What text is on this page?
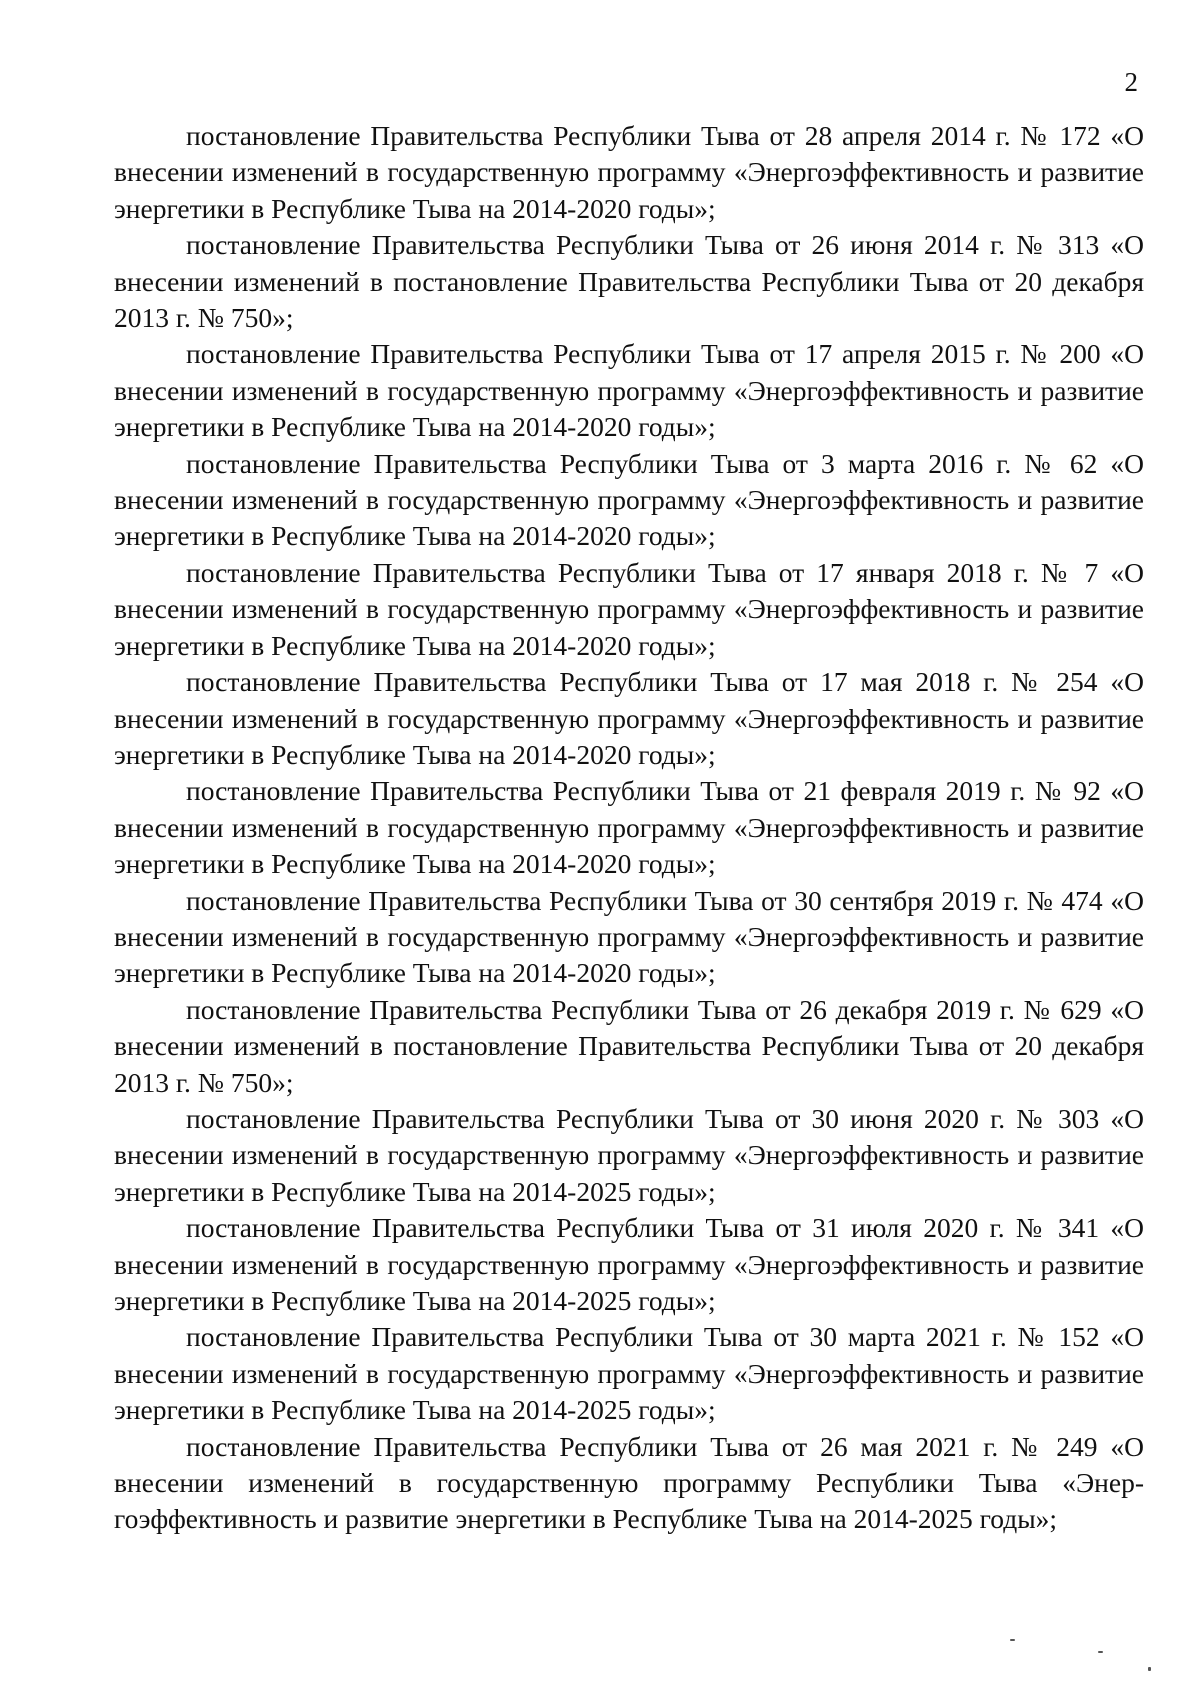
2

постановление Правительства Республики Тыва от 28 апреля 2014 г. № 172 «О внесении изменений в государственную программу «Энергоэффективность и развитие энергетики в Республике Тыва на 2014-2020 годы»;

постановление Правительства Республики Тыва от 26 июня 2014 г. № 313 «О внесении изменений в постановление Правительства Республики Тыва от 20 декабря 2013 г. № 750»;

постановление Правительства Республики Тыва от 17 апреля 2015 г. № 200 «О внесении изменений в государственную программу «Энергоэффективность и развитие энергетики в Республике Тыва на 2014-2020 годы»;

постановление Правительства Республики Тыва от 3 марта 2016 г. № 62 «О внесении изменений в государственную программу «Энергоэффективность и развитие энергетики в Республике Тыва на 2014-2020 годы»;

постановление Правительства Республики Тыва от 17 января 2018 г. № 7 «О внесении изменений в государственную программу «Энергоэффективность и развитие энергетики в Республике Тыва на 2014-2020 годы»;

постановление Правительства Республики Тыва от 17 мая 2018 г. № 254 «О внесении изменений в государственную программу «Энергоэффективность и развитие энергетики в Республике Тыва на 2014-2020 годы»;

постановление Правительства Республики Тыва от 21 февраля 2019 г. № 92 «О внесении изменений в государственную программу «Энергоэффективность и развитие энергетики в Республике Тыва на 2014-2020 годы»;

постановление Правительства Республики Тыва от 30 сентября 2019 г. № 474 «О внесении изменений в государственную программу «Энергоэффективность и развитие энергетики в Республике Тыва на 2014-2020 годы»;

постановление Правительства Республики Тыва от 26 декабря 2019 г. № 629 «О внесении изменений в постановление Правительства Республики Тыва от 20 декабря 2013 г. № 750»;

постановление Правительства Республики Тыва от 30 июня 2020 г. № 303 «О внесении изменений в государственную программу «Энергоэффективность и развитие энергетики в Республике Тыва на 2014-2025 годы»;

постановление Правительства Республики Тыва от 31 июля 2020 г. № 341 «О внесении изменений в государственную программу «Энергоэффективность и развитие энергетики в Республике Тыва на 2014-2025 годы»;

постановление Правительства Республики Тыва от 30 марта 2021 г. № 152 «О внесении изменений в государственную программу «Энергоэффективность и развитие энергетики в Республике Тыва на 2014-2025 годы»;

постановление Правительства Республики Тыва от 26 мая 2021 г. № 249 «О внесении изменений в государственную программу Республики Тыва «Энергоэффективность и развитие энергетики в Республике Тыва на 2014-2025 годы»;
